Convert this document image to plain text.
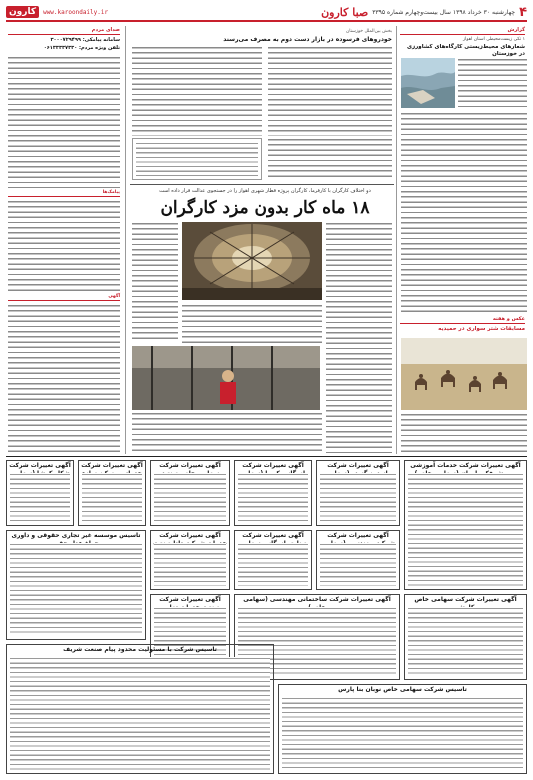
۴
چهارشنبه ۳۰ خرداد ۱۳۹۸ سال بیست‌وچهارم شماره ۳۳۹۵
صبا کارون
www.karoondaily.ir
کارون
گزارش
۱ تکی زیست‌محیطی استان اهواز
شعارهای محیط‌زیستی کارگاه‌های کشاورزی در خوزستان
عکس و هفته
مسابقات شتر سواری در حمیدیه
بخش بین‌الملل خوزستان
خودروهای فرسوده در بازار دست دوم به مصرف می‌رسند
دو اختلاف کارگران با کارفرما، کارگران پروژه قطار شهری اهواز را در جستجوی عدالت قرار داده است
۱۸ ماه کار بدون مزد کارگران
صدای مردم
سامانه پیامکی: ۳۰۰۰۷۲۹۴۹۹
تلفن ویژه مردم: ۰۶۱۳۳۳۳۷۳۳۰
پیامک‌ها
آگهی
آگهی تغییرات شرکت خدمات آموزشی
آگهی تغییرات شرکت
آگهی تغییرات شرکت
آگهی تغییرات شرکت
آگهی تغییرات شرکت
آگهی تغییرات شرکت
آگهی تغییرات شرکت
آگهی تغییرات شرکت
آگهی تغییرات شرکت
تاسیس موسسه غیر تجاری حقوقی و داوری
آگهی تغییرات شرکت سهامی خاص
آگهی تغییرات شرکت ساختمانی مهندسی (سهامی
آگهی تغییرات شرکت
تاسیس شرکت با مسئولیت محدود پیام صنعت شریف
تاسیس شرکت سهامی خاص نوبان بنا پارس
